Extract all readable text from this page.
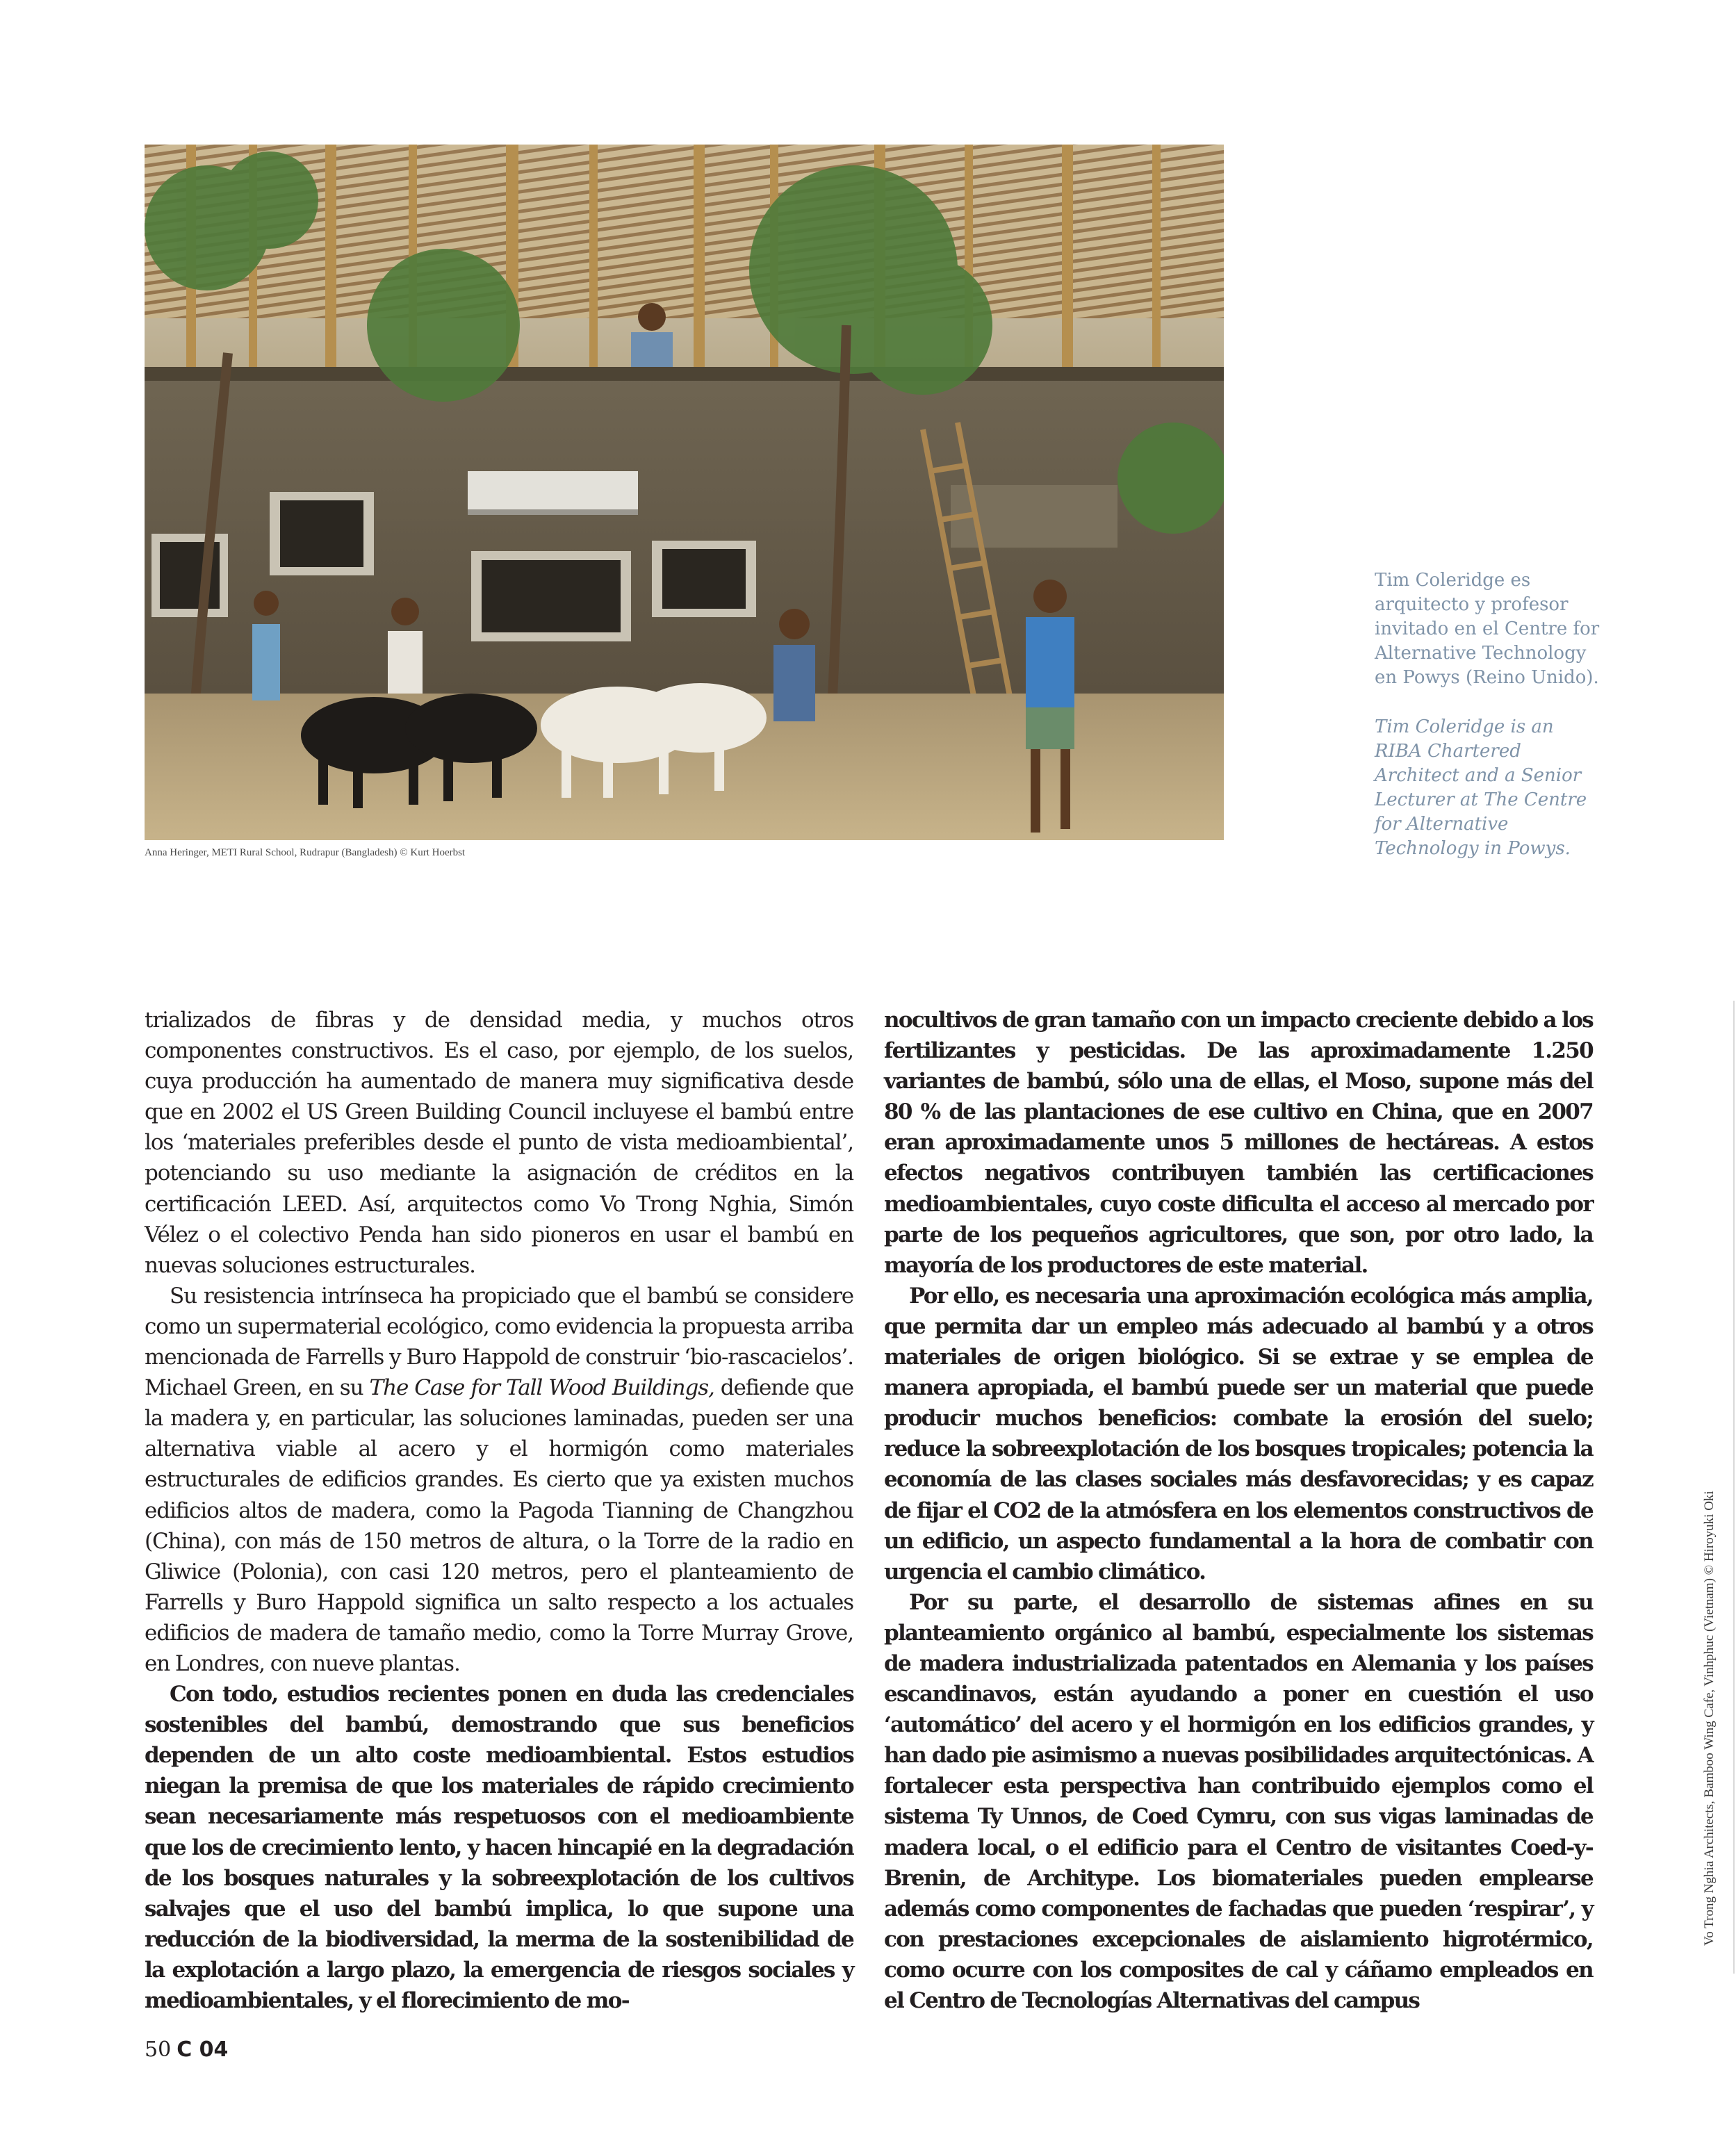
Anna Heringer, METI Rural School, Rudrapur (Bangladesh) © Kurt Hoerbst

Tim Coleridge es arquitecto y profesor invitado en el Centre for Alternative Technology en Powys (Reino Unido).

Tim Coleridge is an RIBA Chartered Architect and a Senior Lecturer at The Centre for Alternative Technology in Powys.

trializados de fibras y de densidad media, y muchos otros componentes constructivos. Es el caso, por ejemplo, de los suelos, cuya producción ha aumentado de manera muy significativa desde que en 2002 el US Green Building Council incluyese el bambú entre los ‘materiales preferibles desde el punto de vista medioambiental’, potenciando su uso mediante la asignación de créditos en la certificación LEED. Así, arquitectos como Vo Trong Nghia, Simón Vélez o el colectivo Penda han sido pioneros en usar el bambú en nuevas soluciones estructurales.

Su resistencia intrínseca ha propiciado que el bambú se considere como un supermaterial ecológico, como evidencia la propuesta arriba mencionada de Farrells y Buro Happold de construir ‘bio-rascacielos’. Michael Green, en su The Case for Tall Wood Buildings, defiende que la madera y, en particular, las soluciones laminadas, pueden ser una alternativa viable al acero y el hormigón como materiales estructurales de edificios grandes. Es cierto que ya existen muchos edificios altos de madera, como la Pagoda Tianning de Changzhou (China), con más de 150 metros de altura, o la Torre de la radio en Gliwice (Polonia), con casi 120 metros, pero el planteamiento de Farrells y Buro Happold significa un salto respecto a los actuales edificios de madera de tamaño medio, como la Torre Murray Grove, en Londres, con nueve plantas.

Con todo, estudios recientes ponen en duda las credenciales sostenibles del bambú, demostrando que sus beneficios dependen de un alto coste medioambiental. Estos estudios niegan la premisa de que los materiales de rápido crecimiento sean necesariamente más respetuosos con el medioambiente que los de crecimiento lento, y hacen hincapié en la degradación de los bosques naturales y la sobreexplotación de los cultivos salvajes que el uso del bambú implica, lo que supone una reducción de la biodiversidad, la merma de la sostenibilidad de la explotación a largo plazo, la emergencia de riesgos sociales y medioambientales, y el florecimiento de mo-

nocultivos de gran tamaño con un impacto creciente debido a los fertilizantes y pesticidas. De las aproximadamente 1.250 variantes de bambú, sólo una de ellas, el Moso, supone más del 80 % de las plantaciones de ese cultivo en China, que en 2007 eran aproximadamente unos 5 millones de hectáreas. A estos efectos negativos contribuyen también las certificaciones medioambientales, cuyo coste dificulta el acceso al mercado por parte de los pequeños agricultores, que son, por otro lado, la mayoría de los productores de este material.

Por ello, es necesaria una aproximación ecológica más amplia, que permita dar un empleo más adecuado al bambú y a otros materiales de origen biológico. Si se extrae y se emplea de manera apropiada, el bambú puede ser un material que puede producir muchos beneficios: combate la erosión del suelo; reduce la sobreexplotación de los bosques tropicales; potencia la economía de las clases sociales más desfavorecidas; y es capaz de fijar el CO2 de la atmósfera en los elementos constructivos de un edificio, un aspecto fundamental a la hora de combatir con urgencia el cambio climático.

Por su parte, el desarrollo de sistemas afines en su planteamiento orgánico al bambú, especialmente los sistemas de madera industrializada patentados en Alemania y los países escandinavos, están ayudando a poner en cuestión el uso ‘automático’ del acero y el hormigón en los edificios grandes, y han dado pie asimismo a nuevas posibilidades arquitectónicas. A fortalecer esta perspectiva han contribuido ejemplos como el sistema Ty Unnos, de Coed Cymru, con sus vigas laminadas de madera local, o el edificio para el Centro de visitantes Coed-y-Brenin, de Architype. Los biomateriales pueden emplearse además como componentes de fachadas que pueden ‘respirar’, y con prestaciones excepcionales de aislamiento higrotérmico, como ocurre con los composites de cal y cáñamo empleados en el Centro de Tecnologías Alternativas del campus

50 C 04
Vo Trong Nghia Architects, Bamboo Wing Cafe, Vinhphuc (Vietnam) © Hiroyuki Oki
